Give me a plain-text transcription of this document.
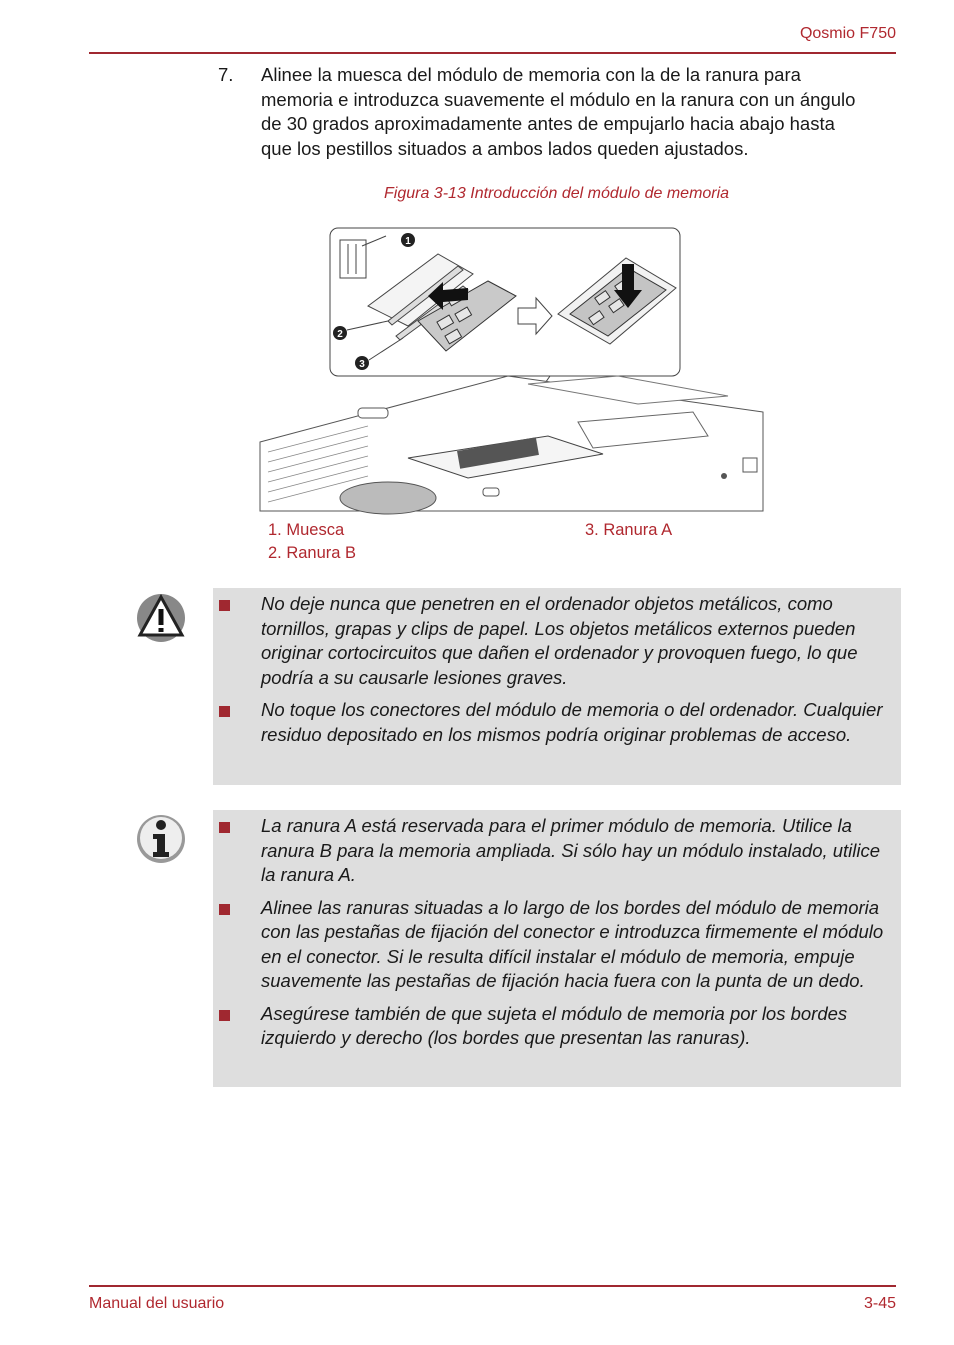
Qosmio F750
7. Alinee la muesca del módulo de memoria con la de la ranura para memoria e introduzca suavemente el módulo en la ranura con un ángulo de 30 grados aproximadamente antes de empujarlo hacia abajo hasta que los pestillos situados a ambos lados queden ajustados.
Figura 3-13 Introducción del módulo de memoria
1
2
3
1. Muesca
2. Ranura B
3. Ranura A
No deje nunca que penetren en el ordenador objetos metálicos, como tornillos, grapas y clips de papel. Los objetos metálicos externos pueden originar cortocircuitos que dañen el ordenador y provoquen fuego, lo que podría a su causarle lesiones graves.
No toque los conectores del módulo de memoria o del ordenador. Cualquier residuo depositado en los mismos podría originar problemas de acceso.
La ranura A está reservada para el primer módulo de memoria. Utilice la ranura B para la memoria ampliada. Si sólo hay un módulo instalado, utilice la ranura A.
Alinee las ranuras situadas a lo largo de los bordes del módulo de memoria con las pestañas de fijación del conector e introduzca firmemente el módulo en el conector. Si le resulta difícil instalar el módulo de memoria, empuje suavemente las pestañas de fijación hacia fuera con la punta de un dedo.
Asegúrese también de que sujeta el módulo de memoria por los bordes izquierdo y derecho (los bordes que presentan las ranuras).
Manual del usuario	3-45
